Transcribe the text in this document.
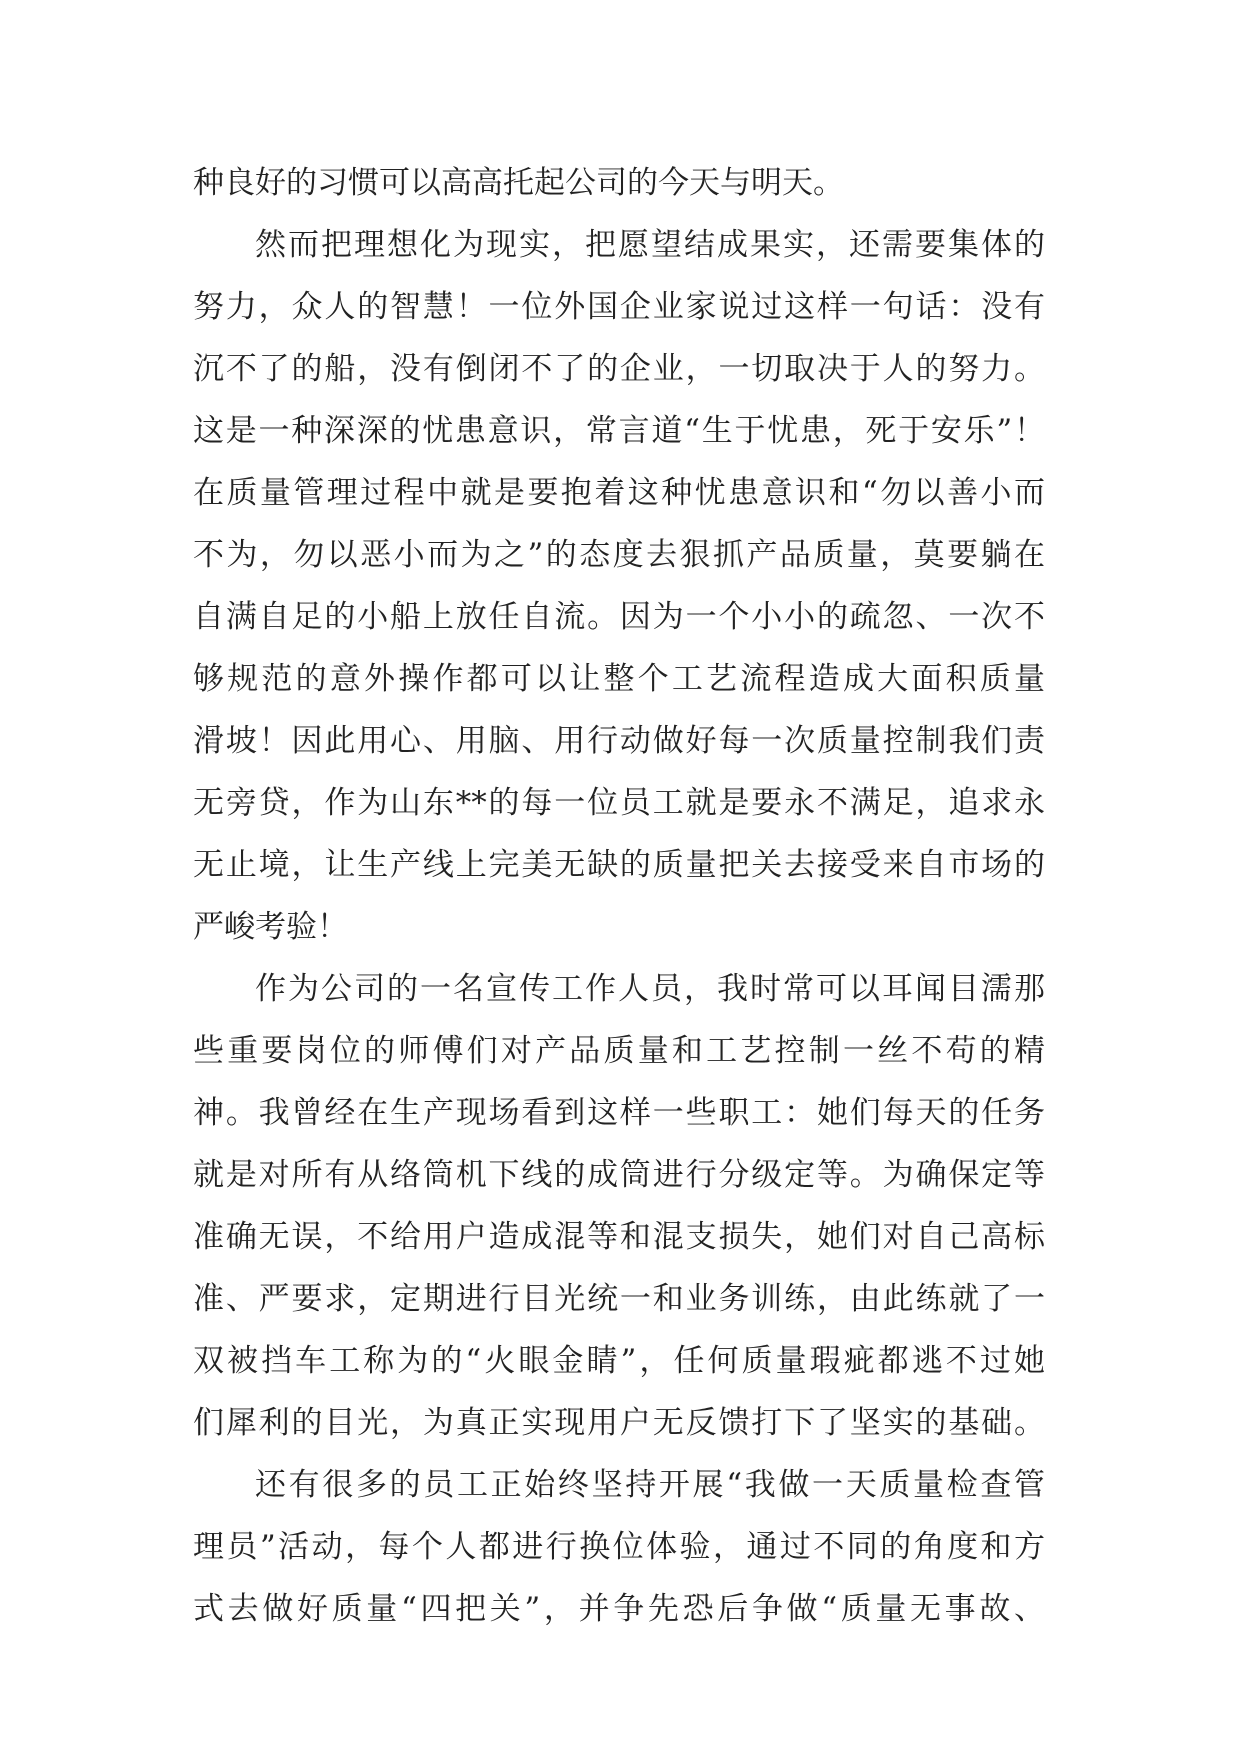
种良好的习惯可以高高托起公司的今天与明天。
然而把理想化为现实，把愿望结成果实，还需要集体的
努力，众人的智慧！一位外国企业家说过这样一句话：没有
沉不了的船，没有倒闭不了的企业，一切取决于人的努力。
这是一种深深的忧患意识，常言道“生于忧患，死于安乐”！
在质量管理过程中就是要抱着这种忧患意识和“勿以善小而
不为，勿以恶小而为之”的态度去狠抓产品质量，莫要躺在
自满自足的小船上放任自流。因为一个小小的疏忽、一次不
够规范的意外操作都可以让整个工艺流程造成大面积质量
滑坡！因此用心、用脑、用行动做好每一次质量控制我们责
无旁贷，作为山东**的每一位员工就是要永不满足，追求永
无止境，让生产线上完美无缺的质量把关去接受来自市场的
严峻考验！
作为公司的一名宣传工作人员，我时常可以耳闻目濡那
些重要岗位的师傅们对产品质量和工艺控制一丝不苟的精
神。我曾经在生产现场看到这样一些职工：她们每天的任务
就是对所有从络筒机下线的成筒进行分级定等。为确保定等
准确无误，不给用户造成混等和混支损失，她们对自己高标
准、严要求，定期进行目光统一和业务训练，由此练就了一
双被挡车工称为的“火眼金睛”，任何质量瑕疵都逃不过她
们犀利的目光，为真正实现用户无反馈打下了坚实的基础。
还有很多的员工正始终坚持开展“我做一天质量检查管
理员”活动，每个人都进行换位体验，通过不同的角度和方
式去做好质量“四把关”，并争先恐后争做“质量无事故、
